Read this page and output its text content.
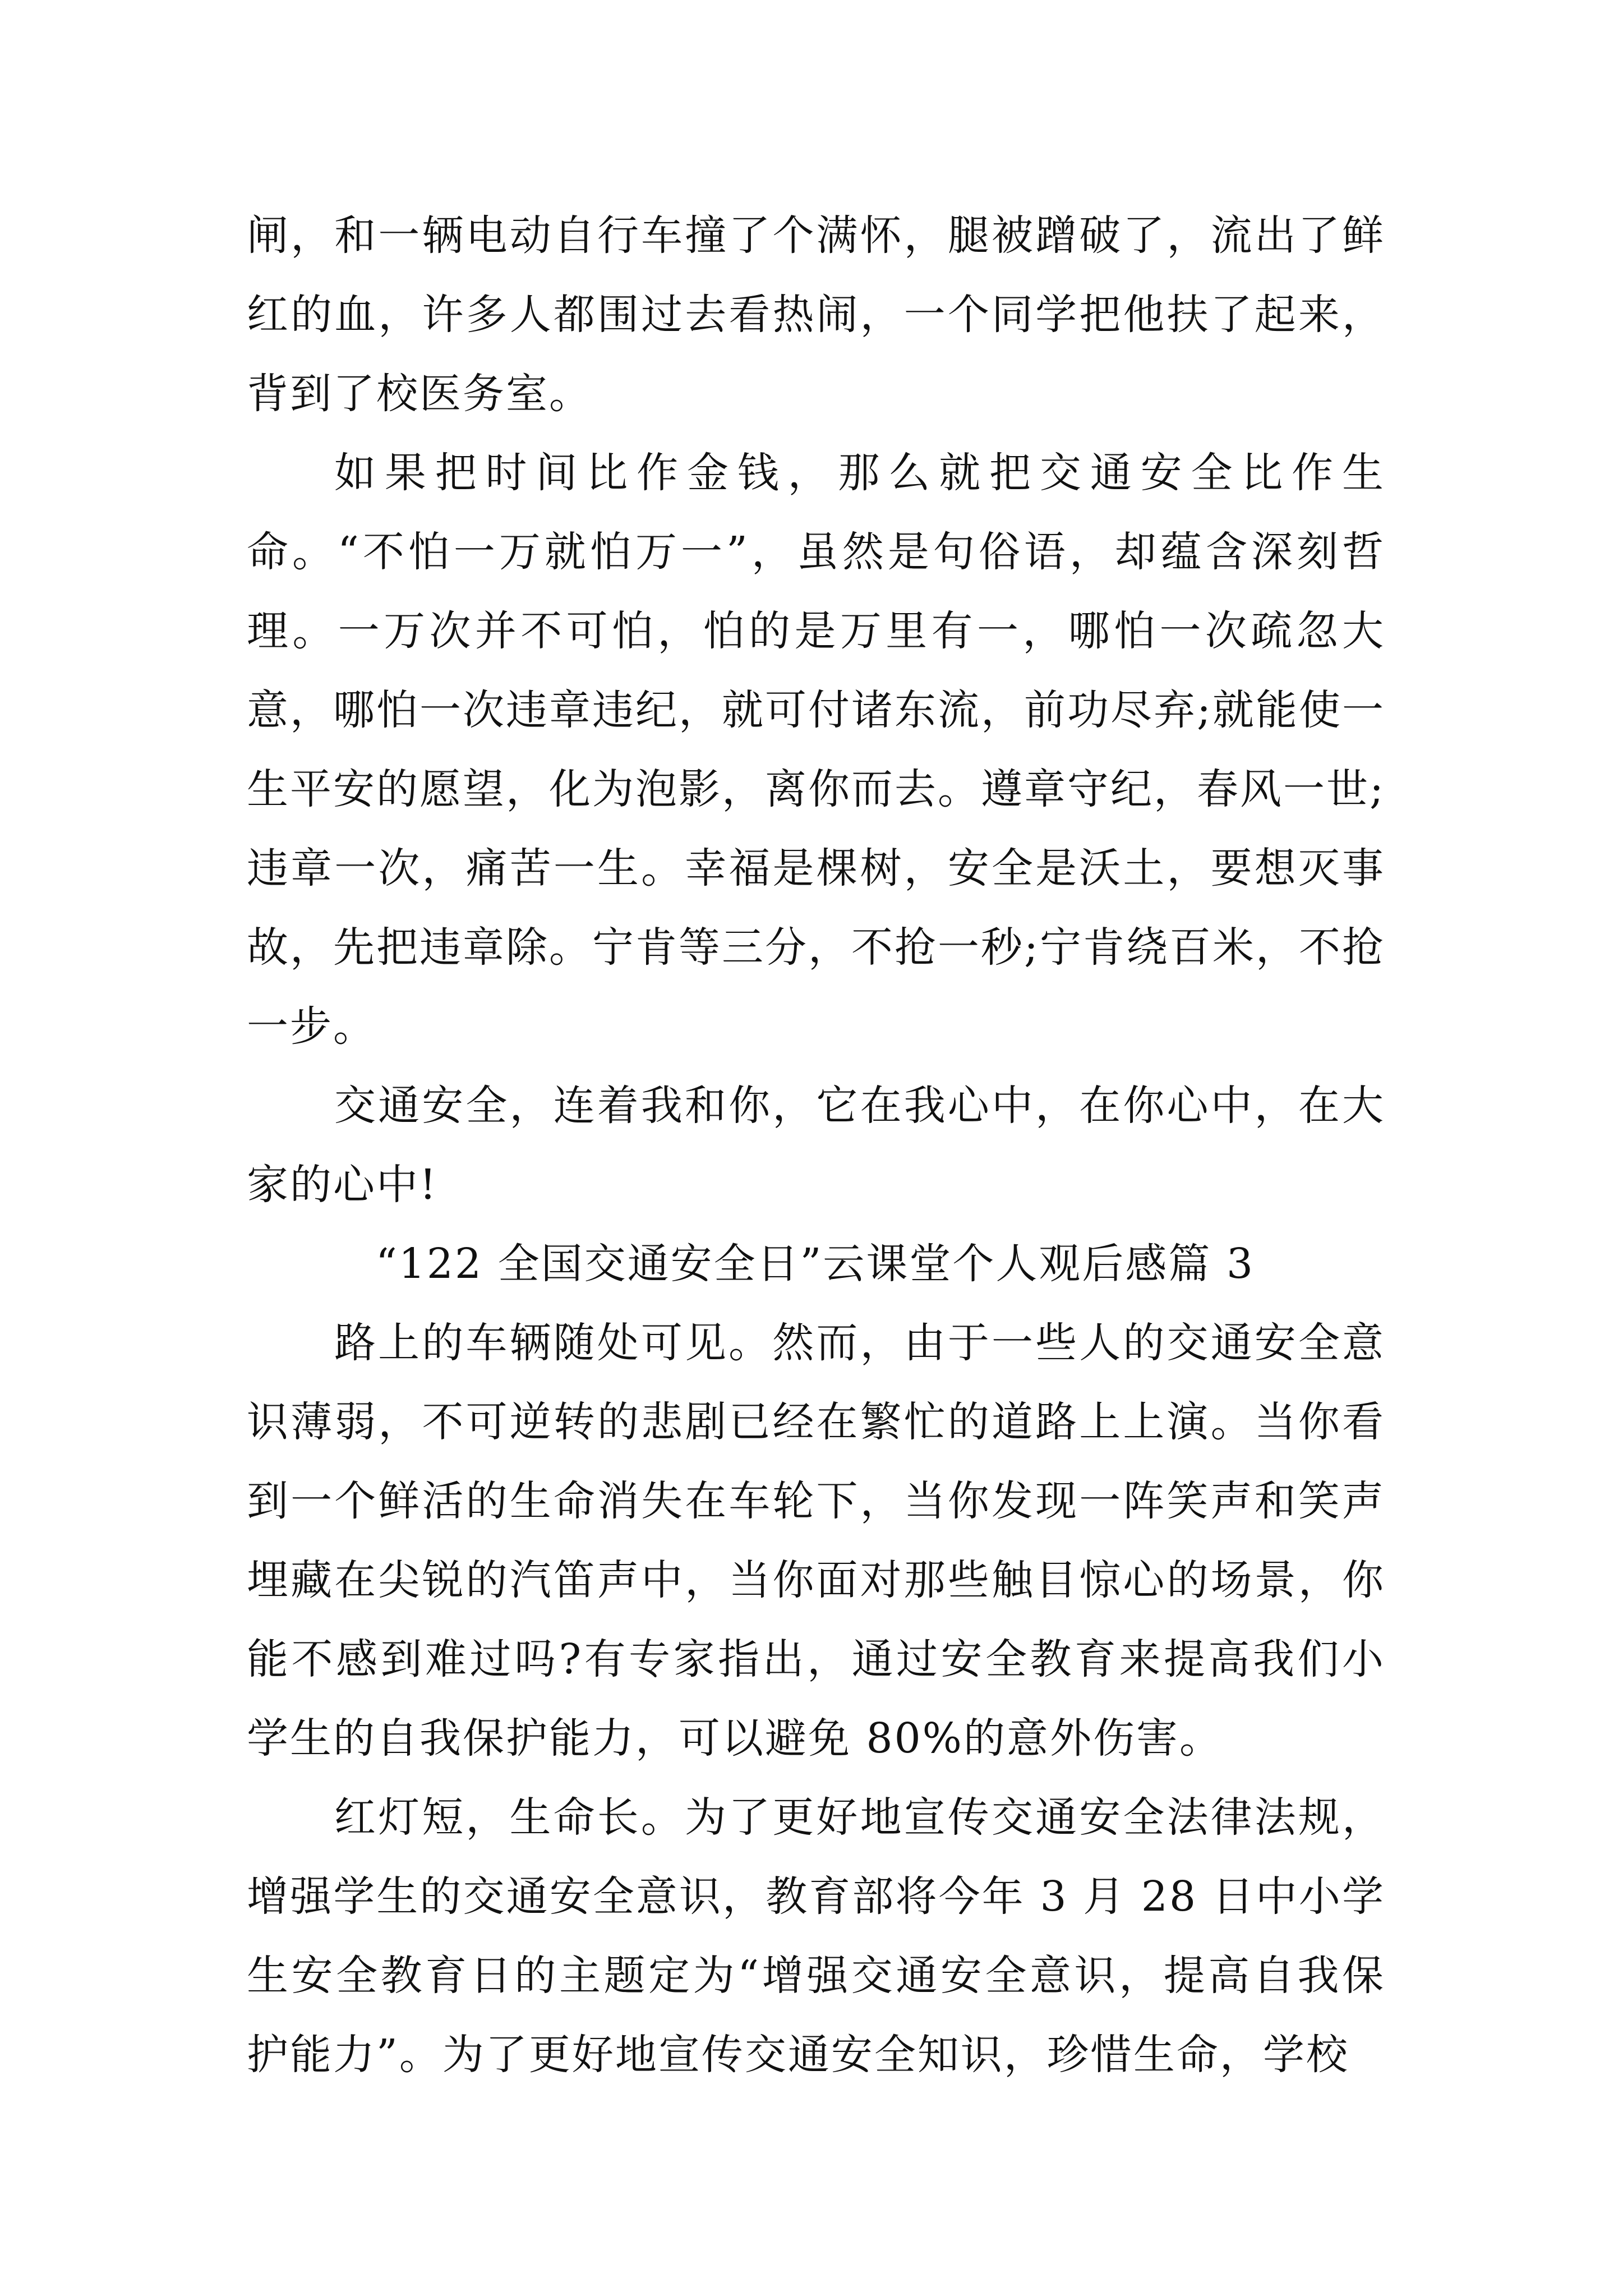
闸，和一辆电动自行车撞了个满怀，腿被蹭破了，流出了鲜红的血，许多人都围过去看热闹，一个同学把他扶了起来，背到了校医务室。

如果把时间比作金钱，那么就把交通安全比作生命。“不怕一万就怕万一”，虽然是句俗语，却蕴含深刻哲理。一万次并不可怕，怕的是万里有一，哪怕一次疏忽大意，哪怕一次违章违纪，就可付诸东流，前功尽弃;就能使一生平安的愿望，化为泡影，离你而去。遵章守纪，春风一世;违章一次，痛苦一生。幸福是棵树，安全是沃土，要想灭事故，先把违章除。宁肯等三分，不抢一秒;宁肯绕百米，不抢一步。

交通安全，连着我和你，它在我心中，在你心中，在大家的心中!

“122 全国交通安全日”云课堂个人观后感篇 3

路上的车辆随处可见。然而，由于一些人的交通安全意识薄弱，不可逆转的悲剧已经在繁忙的道路上上演。当你看到一个鲜活的生命消失在车轮下，当你发现一阵笑声和笑声埋藏在尖锐的汽笛声中，当你面对那些触目惊心的场景，你能不感到难过吗?有专家指出，通过安全教育来提高我们小学生的自我保护能力，可以避免 80%的意外伤害。

红灯短，生命长。为了更好地宣传交通安全法律法规，增强学生的交通安全意识，教育部将今年 3 月 28 日中小学生安全教育日的主题定为“增强交通安全意识，提高自我保护能力”。为了更好地宣传交通安全知识，珍惜生命，学校
